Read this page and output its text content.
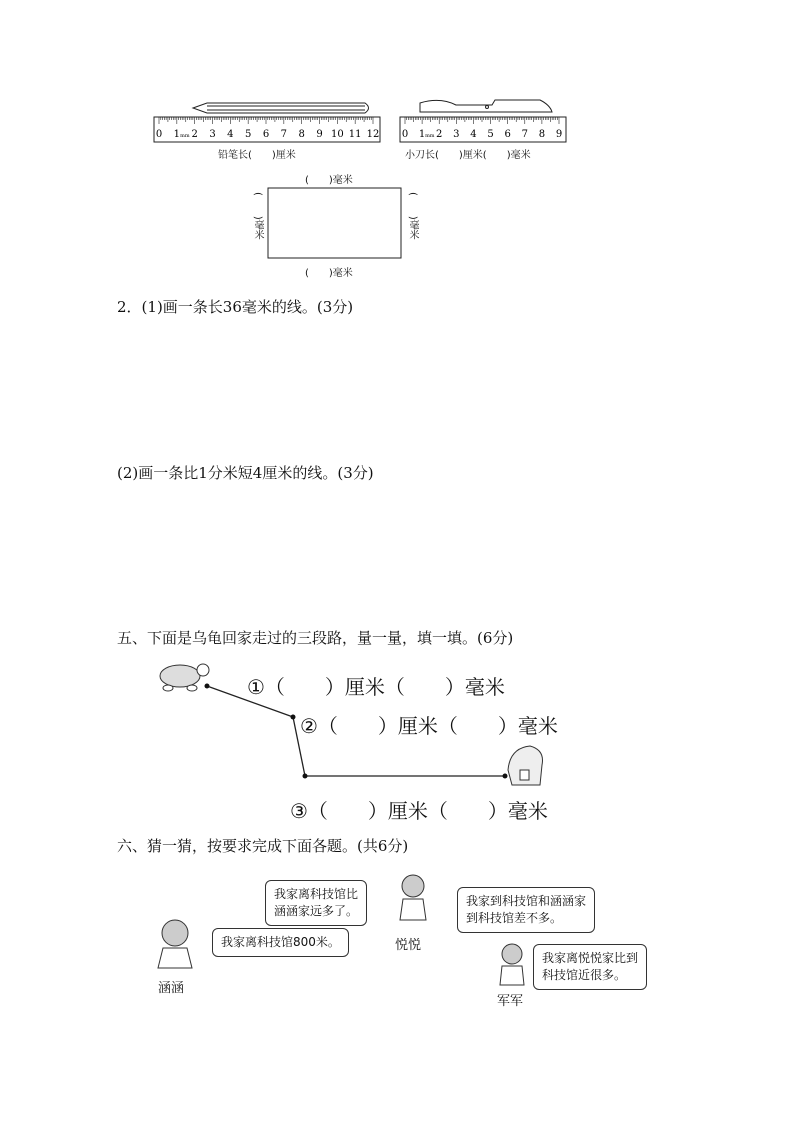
0 1 2 3 4 5 6 7 8 9 10 11 12
mm	0 1 2 3 4 5 6 7 8 9
mm
铅笔长(　　)厘米	小刀长(　　)厘米(　　)毫米
(　　)毫米
(　　)毫米
(　　)毫米	(　　)毫米
2．(1)画一条长36毫米的线。(3分)
(2)画一条比1分米短4厘米的线。(3分)
五、下面是乌龟回家走过的三段路，量一量，填一填。(6分)
①（　　）厘米（　　）毫米
②（　　）厘米（　　）毫米
③（　　）厘米（　　）毫米
六、猜一猜，按要求完成下面各题。(共6分)
我家离科技馆800米。
涵涵
我家离科技馆比
涵涵家远多了。
悦悦
我家到科技馆和涵涵家
到科技馆差不多。
我家离悦悦家比到
科技馆近很多。
军军
